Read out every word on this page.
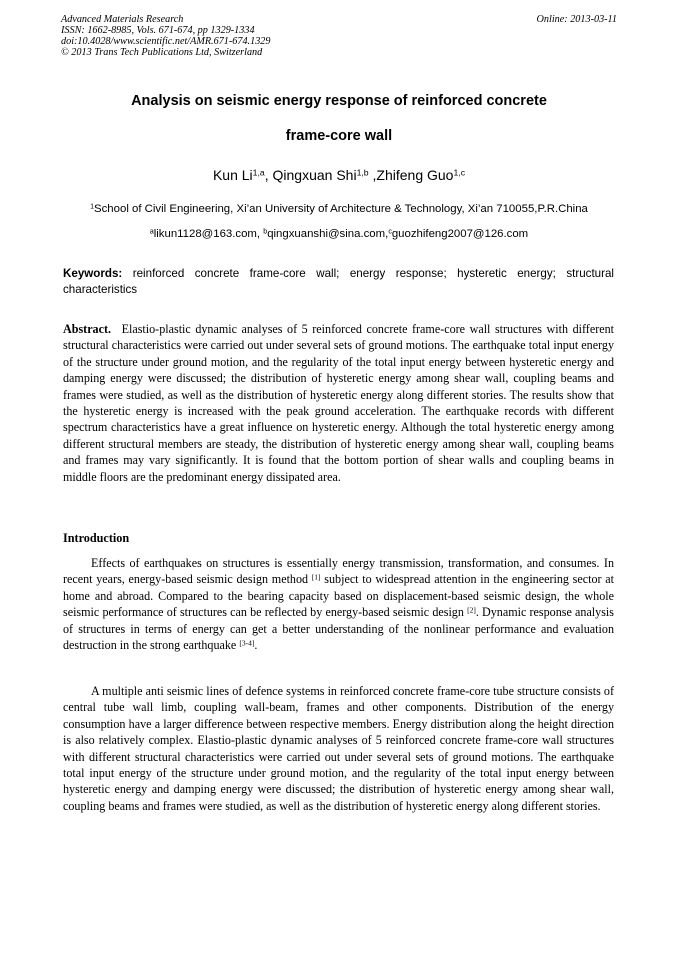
Advanced Materials Research
ISSN: 1662-8985, Vols. 671-674, pp 1329-1334
doi:10.4028/www.scientific.net/AMR.671-674.1329
© 2013 Trans Tech Publications Ltd, Switzerland
Online: 2013-03-11
Analysis on seismic energy response of reinforced concrete
frame-core wall
Kun Li$^{1,a}$, Qingxuan Shi$^{1,b}$ ,Zhifeng Guo$^{1,c}$
$^1$School of Civil Engineering, Xi’an University of Architecture & Technology, Xi’an 710055,P.R.China
$^a$likun1128@163.com, $^b$qingxuanshi@sina.com,$^c$guozhifeng2007@126.com
Keywords: reinforced concrete frame-core wall; energy response; hysteretic energy; structural characteristics
Abstract. Elastio-plastic dynamic analyses of 5 reinforced concrete frame-core wall structures with different structural characteristics were carried out under several sets of ground motions. The earthquake total input energy of the structure under ground motion, and the regularity of the total input energy between hysteretic energy and damping energy were discussed; the distribution of hysteretic energy among shear wall, coupling beams and frames were studied, as well as the distribution of hysteretic energy along different stories. The results show that the hysteretic energy is increased with the peak ground acceleration. The earthquake records with different spectrum characteristics have a great influence on hysteretic energy. Although the total hysteretic energy among different structural members are steady, the distribution of hysteretic energy among shear wall, coupling beams and frames may vary significantly. It is found that the bottom portion of shear walls and coupling beams in middle floors are the predominant energy dissipated area.
Introduction
Effects of earthquakes on structures is essentially energy transmission, transformation, and consumes. In recent years, energy-based seismic design method [1] subject to widespread attention in the engineering sector at home and abroad. Compared to the bearing capacity based on displacement-based seismic design, the whole seismic performance of structures can be reflected by energy-based seismic design [2]. Dynamic response analysis of structures in terms of energy can get a better understanding of the nonlinear performance and evaluation destruction in the strong earthquake [3-4].
A multiple anti seismic lines of defence systems in reinforced concrete frame-core tube structure consists of central tube wall limb, coupling wall-beam, frames and other components. Distribution of the energy consumption have a larger difference between respective members. Energy distribution along the height direction is also relatively complex. Elastio-plastic dynamic analyses of 5 reinforced concrete frame-core wall structures with different structural characteristics were carried out under several sets of ground motions. The earthquake total input energy of the structure under ground motion, and the regularity of the total input energy between hysteretic energy and damping energy were discussed; the distribution of hysteretic energy among shear wall, coupling beams and frames were studied, as well as the distribution of hysteretic energy along different stories.
